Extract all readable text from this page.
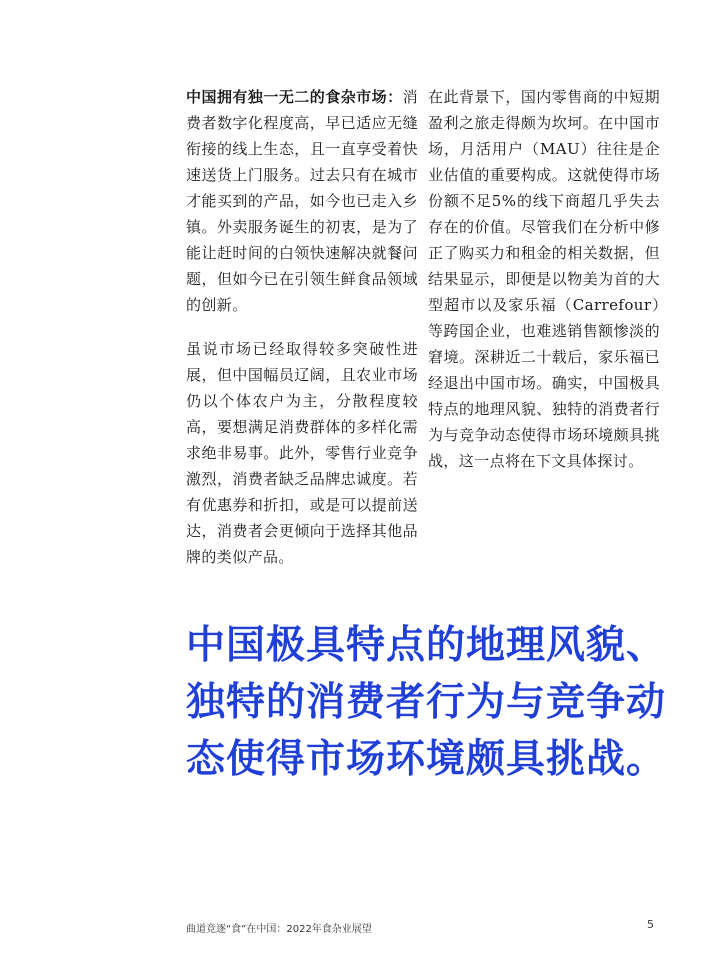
中国拥有独一无二的食杂市场：消费者数字化程度高，早已适应无缝衔接的线上生态，且一直享受着快速送货上门服务。过去只有在城市才能买到的产品，如今也已走入乡镇。外卖服务诞生的初衷，是为了能让赶时间的白领快速解决就餐问题，但如今已在引领生鲜食品领域的创新。

虽说市场已经取得较多突破性进展，但中国幅员辽阔，且农业市场仍以个体农户为主，分散程度较高，要想满足消费群体的多样化需求绝非易事。此外，零售行业竞争激烈，消费者缺乏品牌忠诚度。若有优惠券和折扣，或是可以提前送达，消费者会更倾向于选择其他品牌的类似产品。

在此背景下，国内零售商的中短期盈利之旅走得颇为坎坷。在中国市场，月活用户（MAU）往往是企业估值的重要构成。这就使得市场份额不足5%的线下商超几乎失去存在的价值。尽管我们在分析中修正了购买力和租金的相关数据，但结果显示，即便是以物美为首的大型超市以及家乐福（Carrefour）等跨国企业，也难逃销售额惨淡的窘境。深耕近二十载后，家乐福已经退出中国市场。确实，中国极具特点的地理风貌、独特的消费者行为与竞争动态使得市场环境颇具挑战，这一点将在下文具体探讨。

中国极具特点的地理风貌、独特的消费者行为与竞争动态使得市场环境颇具挑战。
曲道竞逐“食”在中国：2022年食杂业展望	5
